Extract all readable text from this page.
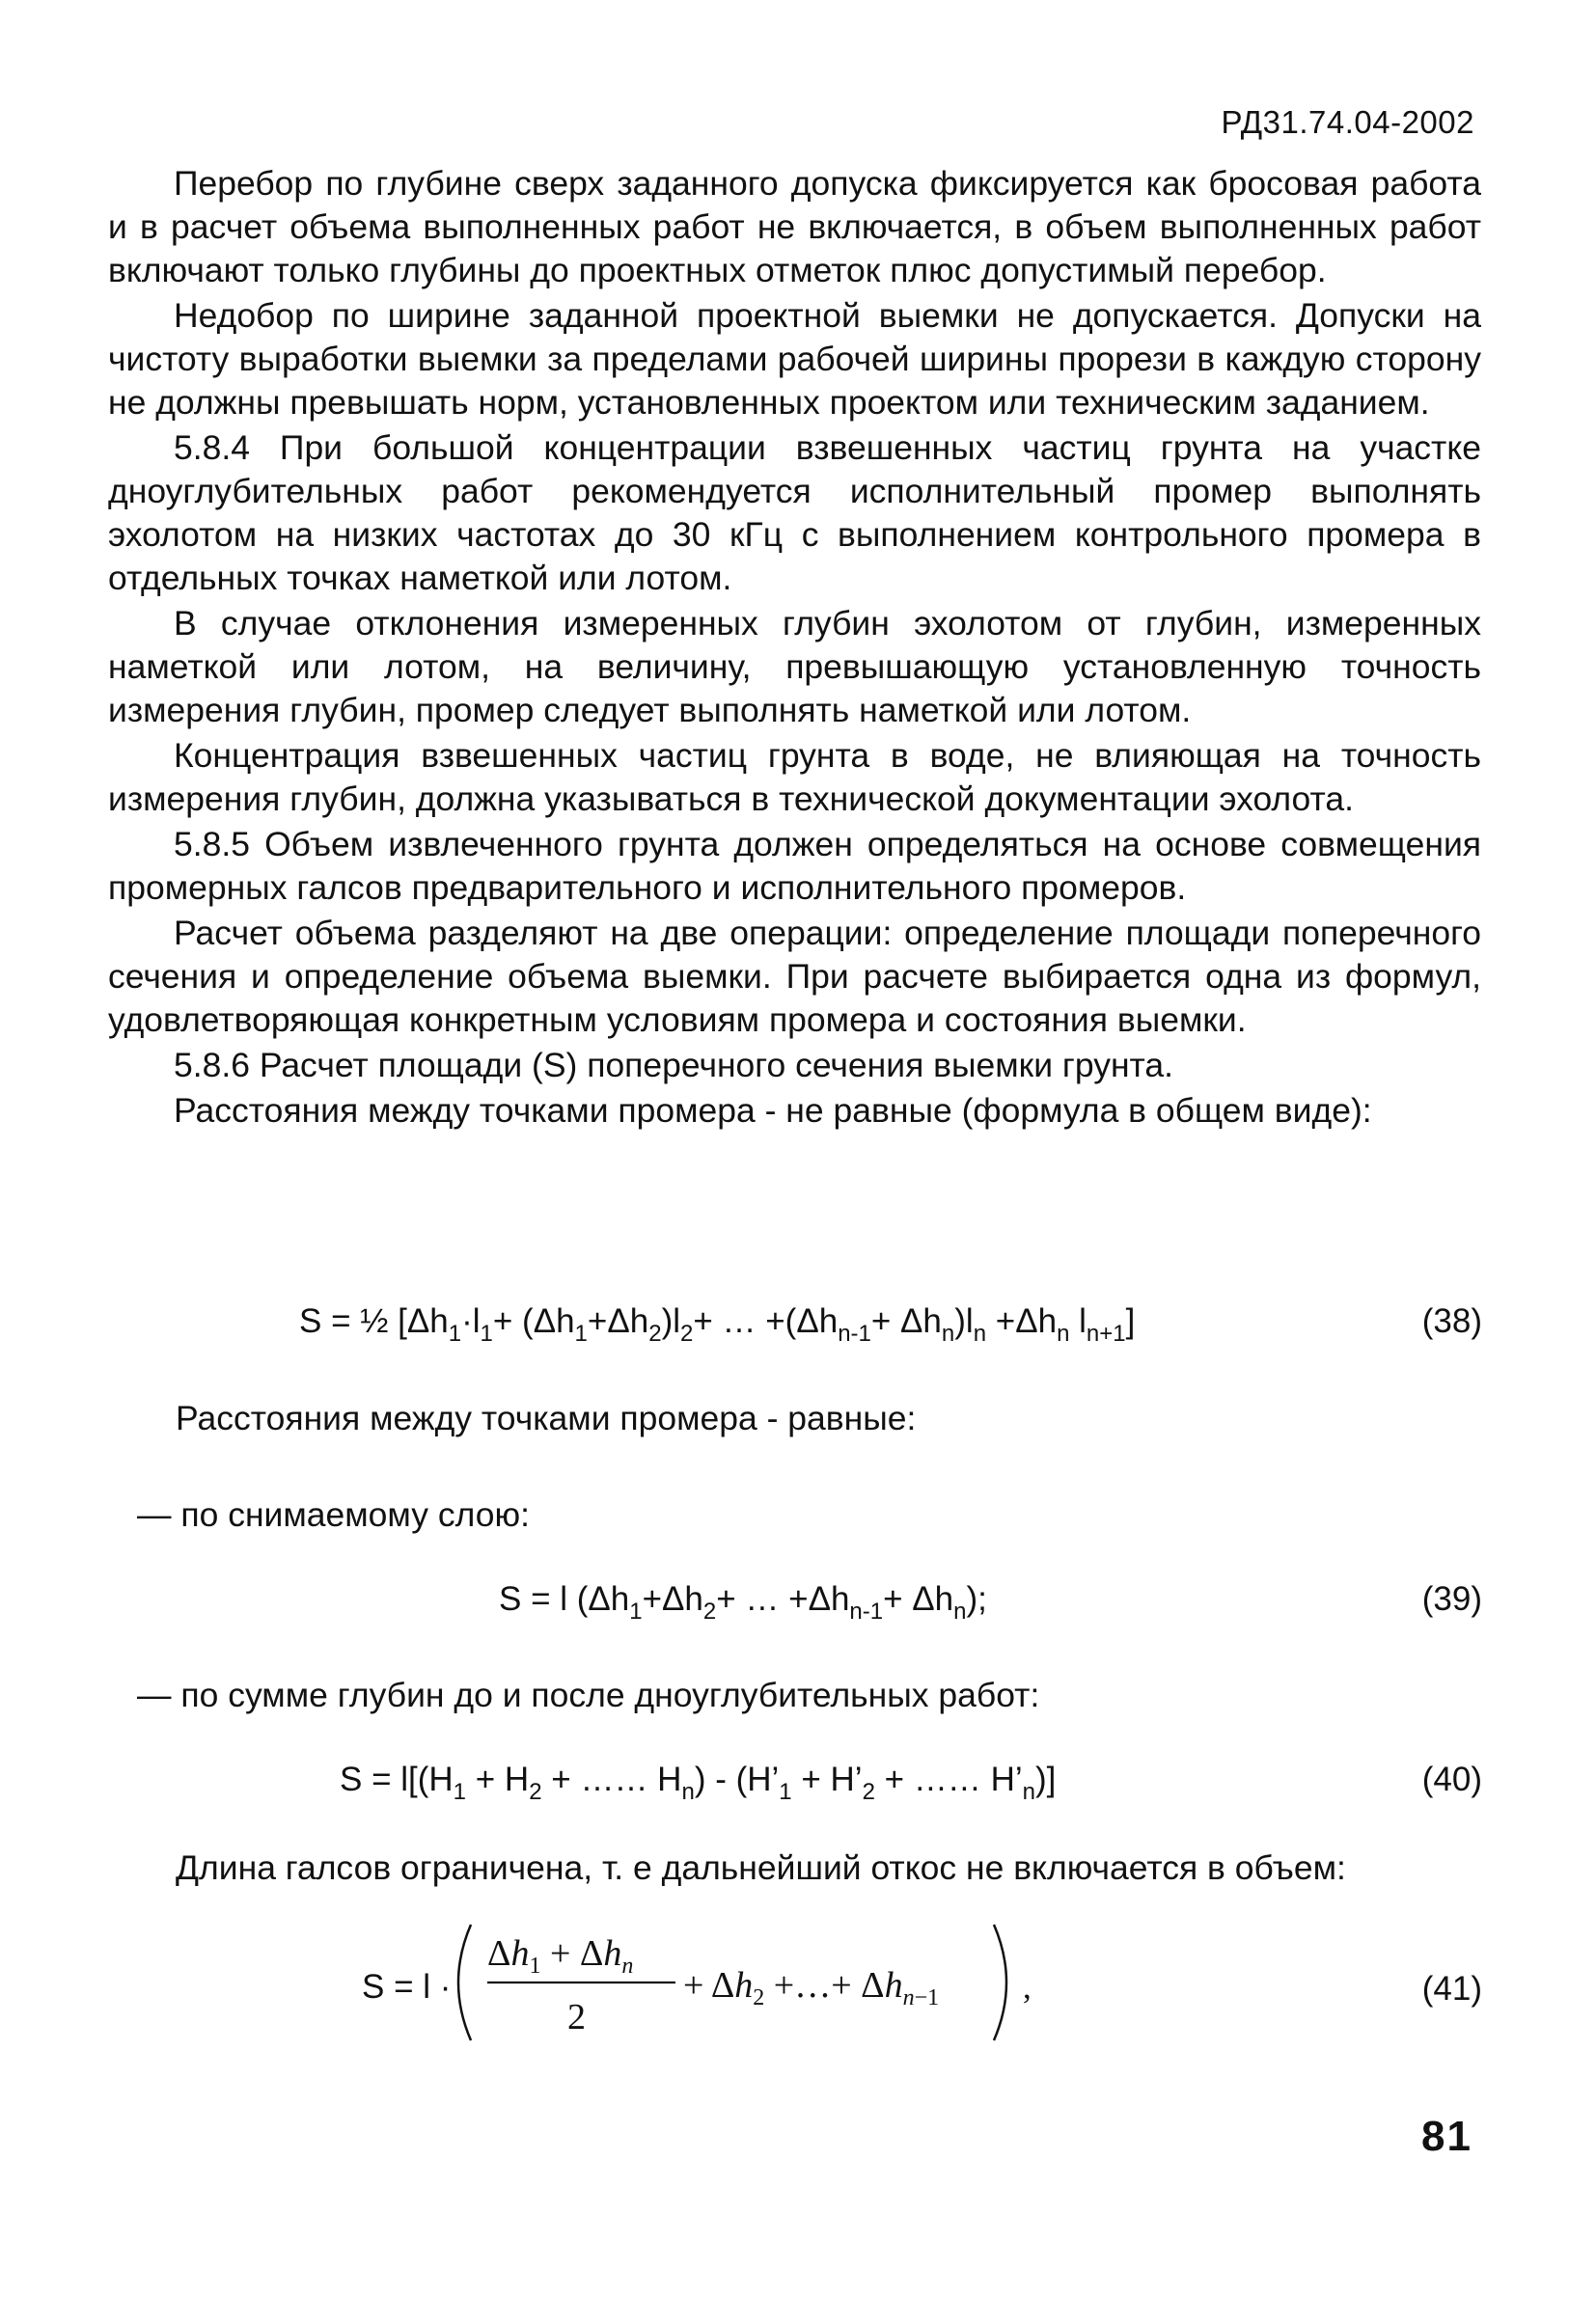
РД31.74.04-2002

Перебор по глубине сверх заданного допуска фиксируется как бросовая работа и в расчет объема выполненных работ не включается, в объем выполненных работ включают только глубины до проектных отметок плюс допустимый перебор.

Недобор по ширине заданной проектной выемки не допускается. Допуски на чистоту выработки выемки за пределами рабочей ширины прорези в каждую сторону не должны превышать норм, установленных проектом или техническим заданием.

5.8.4 При большой концентрации взвешенных частиц грунта на участке дноуглубительных работ рекомендуется исполнительный промер выполнять эхолотом на низких частотах до 30 кГц с выполнением контрольного промера в отдельных точках наметкой или лотом.

В случае отклонения измеренных глубин эхолотом от глубин, измеренных наметкой или лотом, на величину, превышающую установленную точность измерения глубин, промер следует выполнять наметкой или лотом.

Концентрация взвешенных частиц грунта в воде, не влияющая на точность измерения глубин, должна указываться в технической документации эхолота.

5.8.5 Объем извлеченного грунта должен определяться на основе совмещения промерных галсов предварительного и исполнительного промеров.

Расчет объема разделяют на две операции: определение площади поперечного сечения и определение объема выемки. При расчете выбирается одна из формул, удовлетворяющая конкретным условиям промера и состояния выемки.

5.8.6 Расчет площади (S) поперечного сечения выемки грунта.

Расстояния между точками промера - не равные (формула в общем виде):

S = ½ [$\Delta h_1\cdot l_1+ (\Delta h_1+\Delta h_2)l_2+$ … $+(\Delta h_{n-1}+ \Delta h_n)l_n +\Delta h_n$ $l_{n+1}$]	(38)
Расстояния между точками промера - равные:
— по снимаемому слою:
S = l ($\Delta h_1+\Delta h_2+$ … $+\Delta h_{n-1}+ \Delta h_n$);	(39)
— по сумме глубин до и после дноуглубительных работ:
$S = l[(H_1 + H_2$ + …… $H_n$) - ($H’_1$ + $H’_2$ + …… $H’_n$)]	(40)
Длина галсов ограничена, т. е дальнейший откос не включается в объем:
S = l ·
$\Delta h_1 + \Delta h_n$
2
+ $\Delta h_2$ +…+ $\Delta h_n-1$ ,	(41)
81
